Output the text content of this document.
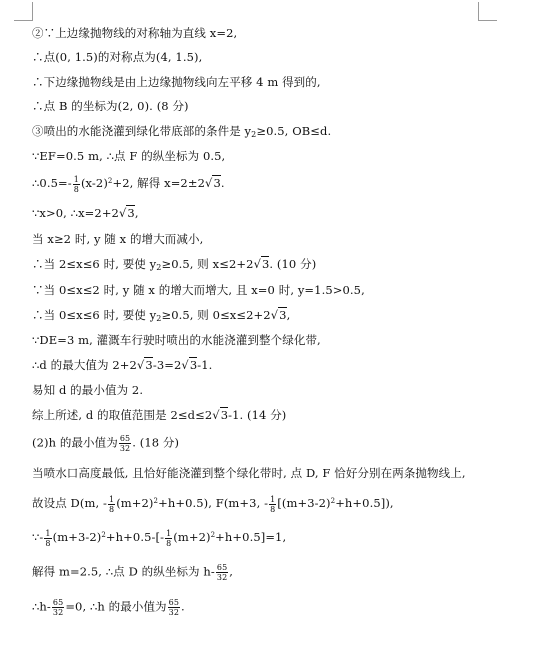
②∵上边缘抛物线的对称轴为直线 x=2,
∴点(0, 1.5)的对称点为(4, 1.5),
∴下边缘抛物线是由上边缘抛物线向左平移 4 m 得到的,
∴点 B 的坐标为(2, 0). (8 分)
③喷出的水能浇灌到绿化带底部的条件是 $y_2\ge 0.5$, OB≤d.
∵EF=0.5 m, ∴点 F 的纵坐标为 0.5,
∴0.5=- $\frac{1}{8} (x-2)^2+2$, 解得 x=2±2√3.
∵x>0, ∴x=2+2√3,
当 x≥2 时, y 随 x 的增大而减小,
∴当 2≤x≤6 时, 要使 $y_2\ge 0.5$, 则 x≤2+2√3. (10 分)
∵当 0≤x≤2 时, y 随 x 的增大而增大, 且 x=0 时, y=1.5>0.5,
∴当 0≤x≤6 时, 要使 $y_2\ge 0.5$, 则 0≤x≤2+2√3,
∵DE=3 m, 灌溉车行驶时喷出的水能浇灌到整个绿化带,
∴d 的最大值为 2+2√3-3=2√3-1.
易知 d 的最小值为 2.
综上所述, d 的取值范围是 2≤d≤2√3-1. (14 分)
(2)h 的最小值为 $\frac{65}{32}$ . (18 分)
当喷水口高度最低, 且恰好能浇灌到整个绿化带时, 点 D, F 恰好分别在两条抛物线上,
故设点 D(m, - $\frac{1}{8} (m+2)^2+h+0.5$), F(m+3, - $\frac{1}{8} [(m+3-2)^2+h+0.5]$),
∵- $\frac{1}{8} (m+3-2)^2+h+0.5-[- \frac{1}{8} (m+2)^2+h+0.5]=1$,
解得 m=2.5, ∴点 D 的纵坐标为 $h- \frac{65}{32}$ ,
∴h- $\frac{65}{32} =0$, ∴h 的最小值为 $\frac{65}{32}$ .
